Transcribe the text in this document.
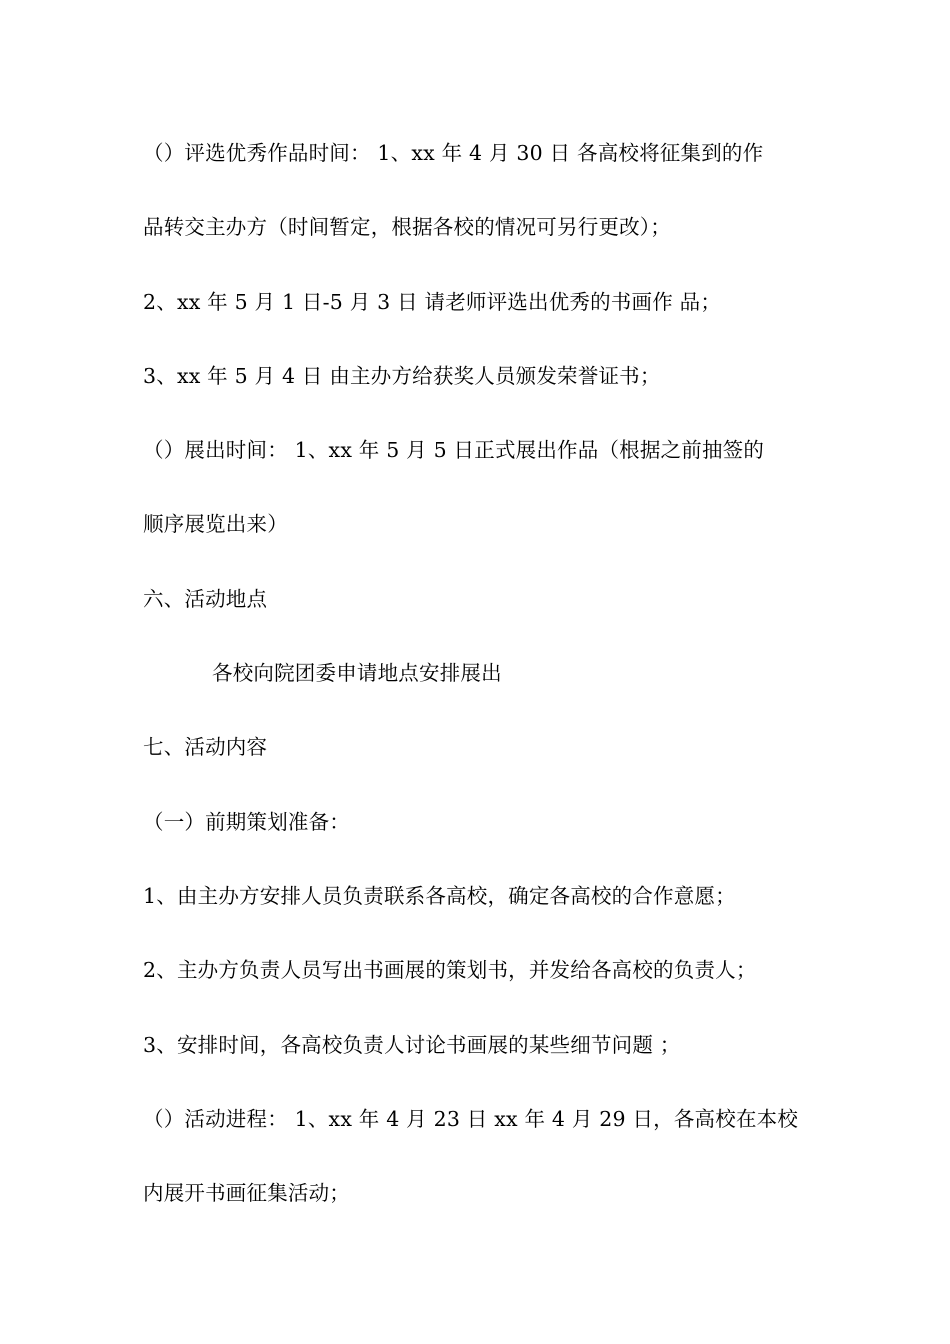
（）评选优秀作品时间： 1、xx 年 4 月 30 日 各高校将征集到的作
品转交主办方（时间暂定，根据各校的情况可另行更改）；
2、xx 年 5 月 1 日-5 月 3 日 请老师评选出优秀的书画作 品；
3、xx 年 5 月 4 日 由主办方给获奖人员颁发荣誉证书；
（）展出时间： 1、xx 年 5 月 5 日正式展出作品（根据之前抽签的
顺序展览出来）
六、活动地点
各校向院团委申请地点安排展出
七、活动内容
（一）前期策划准备：
1、由主办方安排人员负责联系各高校，确定各高校的合作意愿；
2、主办方负责人员写出书画展的策划书，并发给各高校的负责人；
3、安排时间，各高校负责人讨论书画展的某些细节问题 ；
（）活动进程： 1、xx 年 4 月 23 日 xx 年 4 月 29 日，各高校在本校
内展开书画征集活动；
